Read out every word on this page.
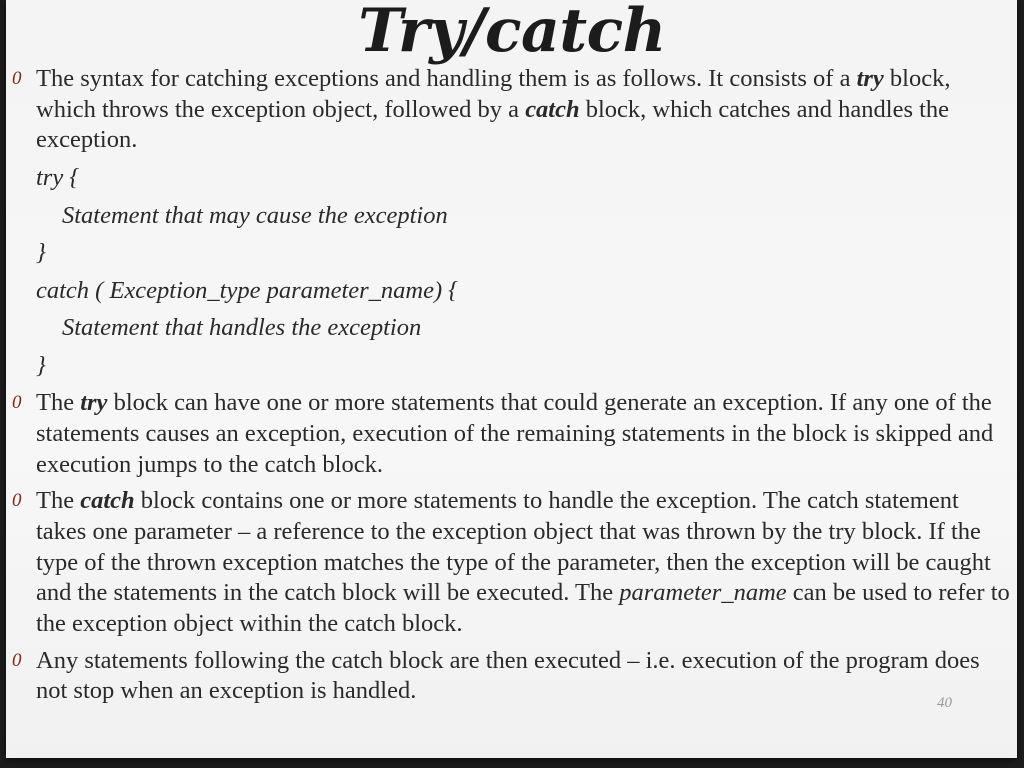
Try/catch
0 The syntax for catching exceptions and handling them is as follows. It consists of a try block, which throws the exception object, followed by a catch block, which catches and handles the exception.
try {
Statement that may cause the exception
}
catch ( Exception_type parameter_name) {
Statement that handles the exception
}
0 The try block can have one or more statements that could generate an exception. If any one of the statements causes an exception, execution of the remaining statements in the block is skipped and execution jumps to the catch block.
0 The catch block contains one or more statements to handle the exception. The catch statement takes one parameter – a reference to the exception object that was thrown by the try block. If the type of the thrown exception matches the type of the parameter, then the exception will be caught and the statements in the catch block will be executed. The parameter_name can be used to refer to the exception object within the catch block.
0 Any statements following the catch block are then executed – i.e. execution of the program does not stop when an exception is handled.	40
